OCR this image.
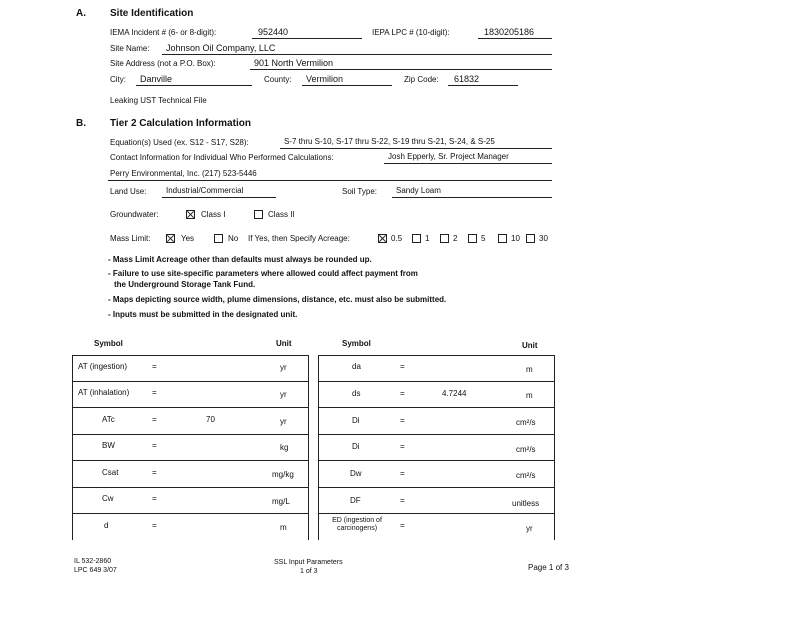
A. Site Identification
IEMA Incident # (6- or 8-digit):	952440	IEPA LPC # (10-digit):	1830205186
Site Name: Johnson Oil Company, LLC
Site Address (not a P.O. Box):	901 North Vermilion
City: Danville	County: Vermilion	Zip Code: 61832
Leaking UST Technical File
B. Tier 2 Calculation Information
Equation(s) Used (ex. S12 - S17, S28):	S-7 thru S-10, S-17 thru S-22, S-19 thru S-21, S-24, & S-25
Contact Information for Individual Who Performed Calculations:	Josh Epperly, Sr. Project Manager
Perry Environmental, Inc. (217) 523-5446
Land Use: Industrial/Commercial	Soil Type: Sandy Loam
Groundwater:	Class I	Class II
Mass Limit:	Yes	No If Yes, then Specify Acreage:	0.5	1	2	5	10 30
- Mass Limit Acreage other than defaults must always be rounded up.
- Failure to use site-specific parameters where allowed could affect payment from
the Underground Storage Tank Fund.
- Maps depicting source width, plume dimensions, distance, etc. must also be submitted.
- Inputs must be submitted in the designated unit.
Symbol	Unit	Symbol	Unit
AT (ingestion)	=	yr
AT (inhalation)	=	yr
ATc	=	70	yr
BW	=	kg
Csat	=	mg/kg
Cw	=	mg/L
d	=	m
da	=	m
ds	=	4.7244	m
Di	=	cm²/s
Di	=	cm²/s
Dw	=	cm²/s
DF	=	unitless
ED (ingestion of carcinogens)	=	yr
IL 532-2860
LPC 649 3/07
SSL Input Parameters
1 of 3	Page 1 of 3
